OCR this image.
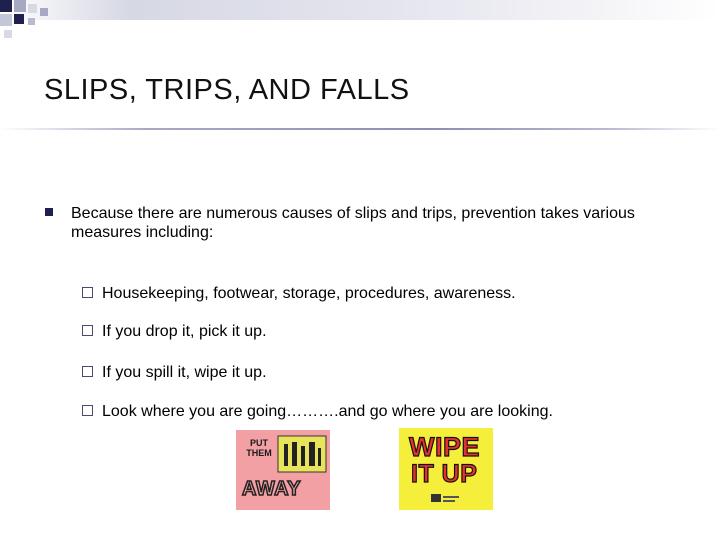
SLIPS, TRIPS, AND FALLS
Because there are numerous causes of slips and trips, prevention takes various measures including:
Housekeeping, footwear, storage, procedures, awareness.
If you drop it, pick it up.
If you spill it, wipe it up.
Look where you are going……….and go where you are looking.
PUT
THEM
AWAY
WIPE
IT UP
